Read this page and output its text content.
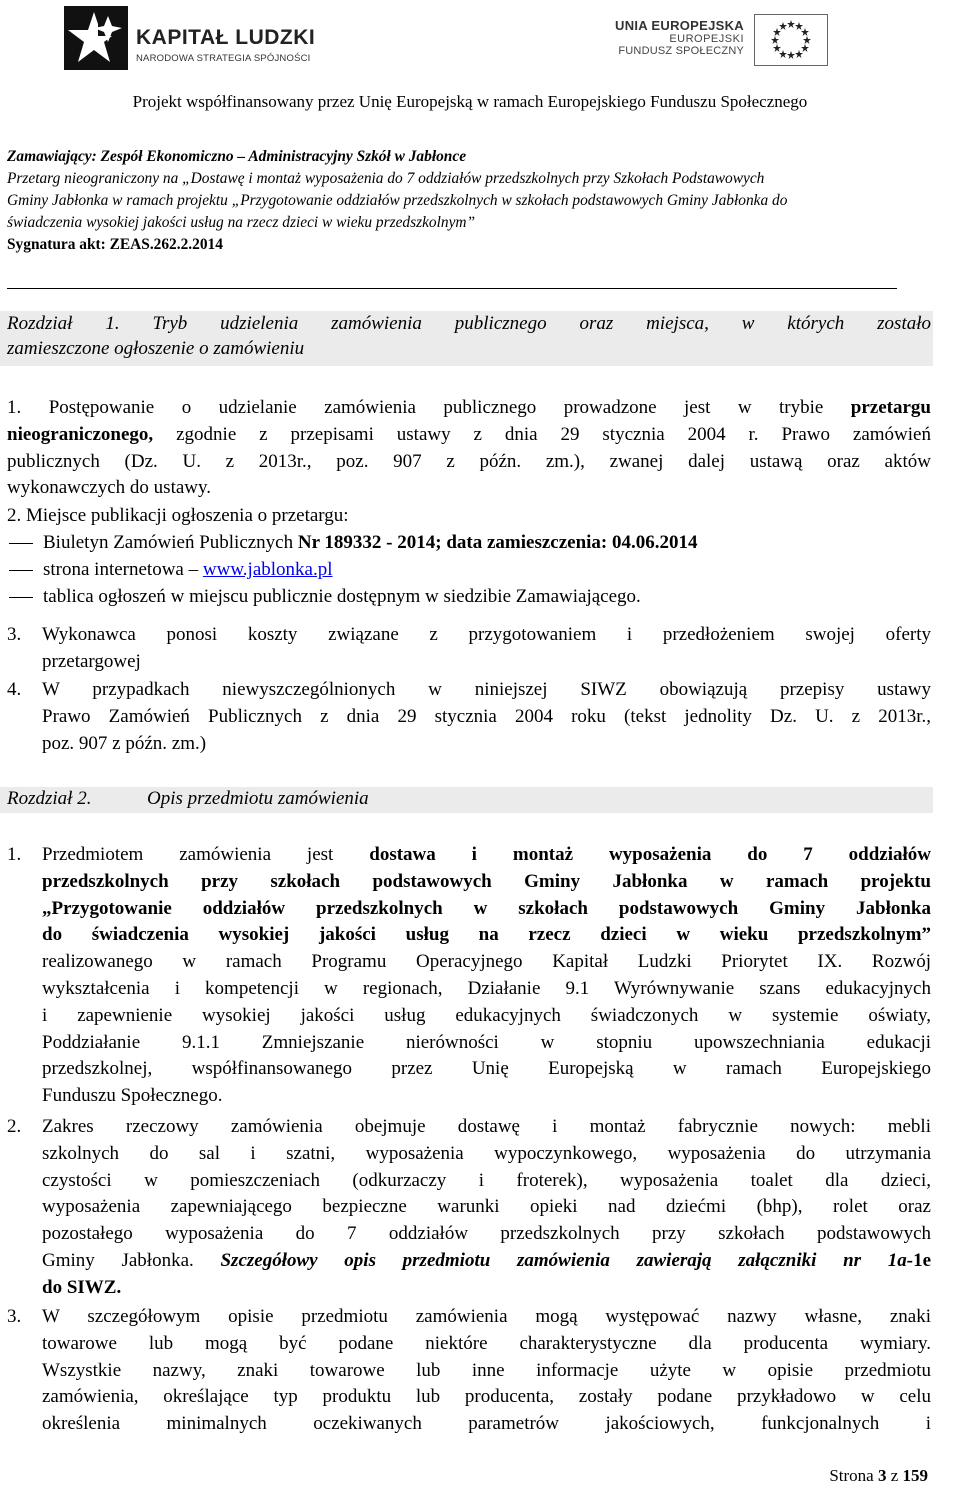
KAPITAŁ LUDZKI
NARODOWA STRATEGIA SPÓJNOŚCI
UNIA EUROPEJSKA
EUROPEJSKI
FUNDUSZ SPOŁECZNY
Projekt współfinansowany przez Unię Europejską w ramach Europejskiego Funduszu Społecznego
Zamawiający: Zespół Ekonomiczno – Administracyjny Szkół w Jabłonce
Przetarg nieograniczony na „Dostawę i montaż wyposażenia do 7 oddziałów przedszkolnych przy Szkołach Podstawowych
Gminy Jabłonka w ramach projektu „Przygotowanie oddziałów przedszkolnych w szkołach podstawowych Gminy Jabłonka do
świadczenia wysokiej jakości usług na rzecz dzieci w wieku przedszkolnym”
Sygnatura akt: ZEAS.262.2.2014
Rozdział 1. Tryb udzielenia zamówienia publicznego oraz miejsca, w których zostało
zamieszczone ogłoszenie o zamówieniu
1. Postępowanie o udzielanie zamówienia publicznego prowadzone jest w trybie przetargu
nieograniczonego, zgodnie z przepisami ustawy z dnia 29 stycznia 2004 r. Prawo zamówień
publicznych (Dz. U. z 2013r., poz. 907 z późn. zm.), zwanej dalej ustawą oraz aktów
wykonawczych do ustawy.
2. Miejsce publikacji ogłoszenia o przetargu:
Biuletyn Zamówień Publicznych Nr 189332 - 2014; data zamieszczenia: 04.06.2014
strona internetowa – www.jablonka.pl
tablica ogłoszeń w miejscu publicznie dostępnym w siedzibie Zamawiającego.
3. Wykonawca ponosi koszty związane z przygotowaniem i przedłożeniem swojej oferty
przetargowej
4. W przypadkach niewyszczególnionych w niniejszej SIWZ obowiązują przepisy ustawy
Prawo Zamówień Publicznych z dnia 29 stycznia 2004 roku (tekst jednolity Dz. U. z 2013r.,
poz. 907 z późn. zm.)
Rozdział 2.	Opis przedmiotu zamówienia
1. Przedmiotem zamówienia jest dostawa i montaż wyposażenia do 7 oddziałów
przedszkolnych przy szkołach podstawowych Gminy Jabłonka w ramach projektu
„Przygotowanie oddziałów przedszkolnych w szkołach podstawowych Gminy Jabłonka
do świadczenia wysokiej jakości usług na rzecz dzieci w wieku przedszkolnym”
realizowanego w ramach Programu Operacyjnego Kapitał Ludzki Priorytet IX. Rozwój
wykształcenia i kompetencji w regionach, Działanie 9.1 Wyrównywanie szans edukacyjnych
i zapewnienie wysokiej jakości usług edukacyjnych świadczonych w systemie oświaty,
Poddziałanie 9.1.1 Zmniejszanie nierówności w stopniu upowszechniania edukacji
przedszkolnej, współfinansowanego przez Unię Europejską w ramach Europejskiego
Funduszu Społecznego.
2. Zakres rzeczowy zamówienia obejmuje dostawę i montaż fabrycznie nowych: mebli
szkolnych do sal i szatni, wyposażenia wypoczynkowego, wyposażenia do utrzymania
czystości w pomieszczeniach (odkurzaczy i froterek), wyposażenia toalet dla dzieci,
wyposażenia zapewniającego bezpieczne warunki opieki nad dziećmi (bhp), rolet oraz
pozostałego wyposażenia do 7 oddziałów przedszkolnych przy szkołach podstawowych
Gminy Jabłonka. Szczegółowy opis przedmiotu zamówienia zawierają załączniki nr 1a-1e
do SIWZ.
3. W szczegółowym opisie przedmiotu zamówienia mogą występować nazwy własne, znaki
towarowe lub mogą być podane niektóre charakterystyczne dla producenta wymiary.
Wszystkie nazwy, znaki towarowe lub inne informacje użyte w opisie przedmiotu
zamówienia, określające typ produktu lub producenta, zostały podane przykładowo w celu
określenia minimalnych oczekiwanych parametrów jakościowych, funkcjonalnych i
Strona 3 z 159
